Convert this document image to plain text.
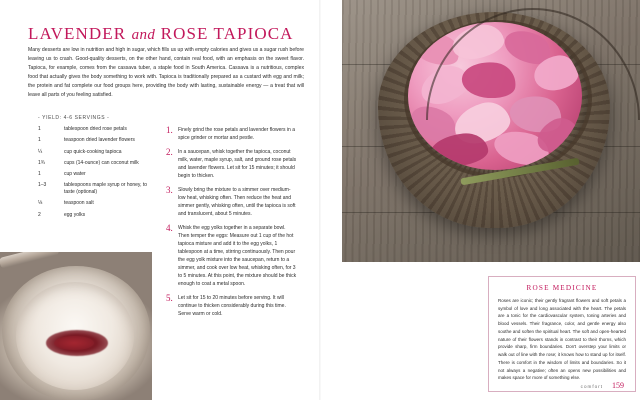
LAVENDER and ROSE TAPIOCA
Many desserts are low in nutrition and high in sugar, which fills us up with empty calories and gives us a sugar rush before leaving us to crash. Good-quality desserts, on the other hand, contain real food, with an emphasis on the sweet flavor. Tapioca, for example, comes from the cassava tuber, a staple food in South America. Cassava is a nutritious, complex food that actually gives the body something to work with. Tapioca is traditionally prepared as a custard with egg and milk; the protein and fat complete our food groups here, providing the body with lasting, sustainable energy — a treat that will leave all parts of you feeling satisfied.
- YIELD: 4-6 SERVINGS -
1	tablespoon dried rose petals
1	teaspoon dried lavender flowers
¼	cup quick-cooking tapioca
1¾	cups (14-ounce) can coconut milk
1	cup water
1–3	tablespoons maple syrup or honey, to taste (optional)
⅛	teaspoon salt
2	egg yolks
1.	Finely grind the rose petals and lavender flowers in a spice grinder or mortar and pestle.
2.	In a saucepan, whisk together the tapioca, coconut milk, water, maple syrup, salt, and ground rose petals and lavender flowers. Let sit for 15 minutes; it should begin to thicken.
3.	Slowly bring the mixture to a simmer over medium-low heat, whisking often. Then reduce the heat and simmer gently, whisking often, until the tapioca is soft and translucent, about 5 minutes.
4.	Whisk the egg yolks together in a separate bowl. Then temper the eggs: Measure out 1 cup of the hot tapioca mixture and add it to the egg yolks, 1 tablespoon at a time, stirring continuously. Then pour the egg yolk mixture into the saucepan, return to a simmer, and cook over low heat, whisking often, for 3 to 5 minutes. At this point, the mixture should be thick enough to coat a metal spoon.
5.	Let sit for 15 to 20 minutes before serving. It will continue to thicken considerably during this time. Serve warm or cold.
ROSE MEDICINE
Roses are iconic; their gently fragrant flowers and soft petals a symbol of love and long associated with the heart. The petals are a tonic for the cardiovascular system, toning arteries and blood vessels. Their fragrance, color, and gentle energy also soothe and soften the spiritual heart. The soft and open-hearted nature of their flowers stands in contrast to their thorns, which provide sharp, firm boundaries. Don't overstep your limits or walk out of line with the rose; it knows how to stand up for itself. There is comfort in the wisdom of limits and boundaries. So it not always a negative; often an opens new possibilities and makes space for more of something else.
comfort 159
